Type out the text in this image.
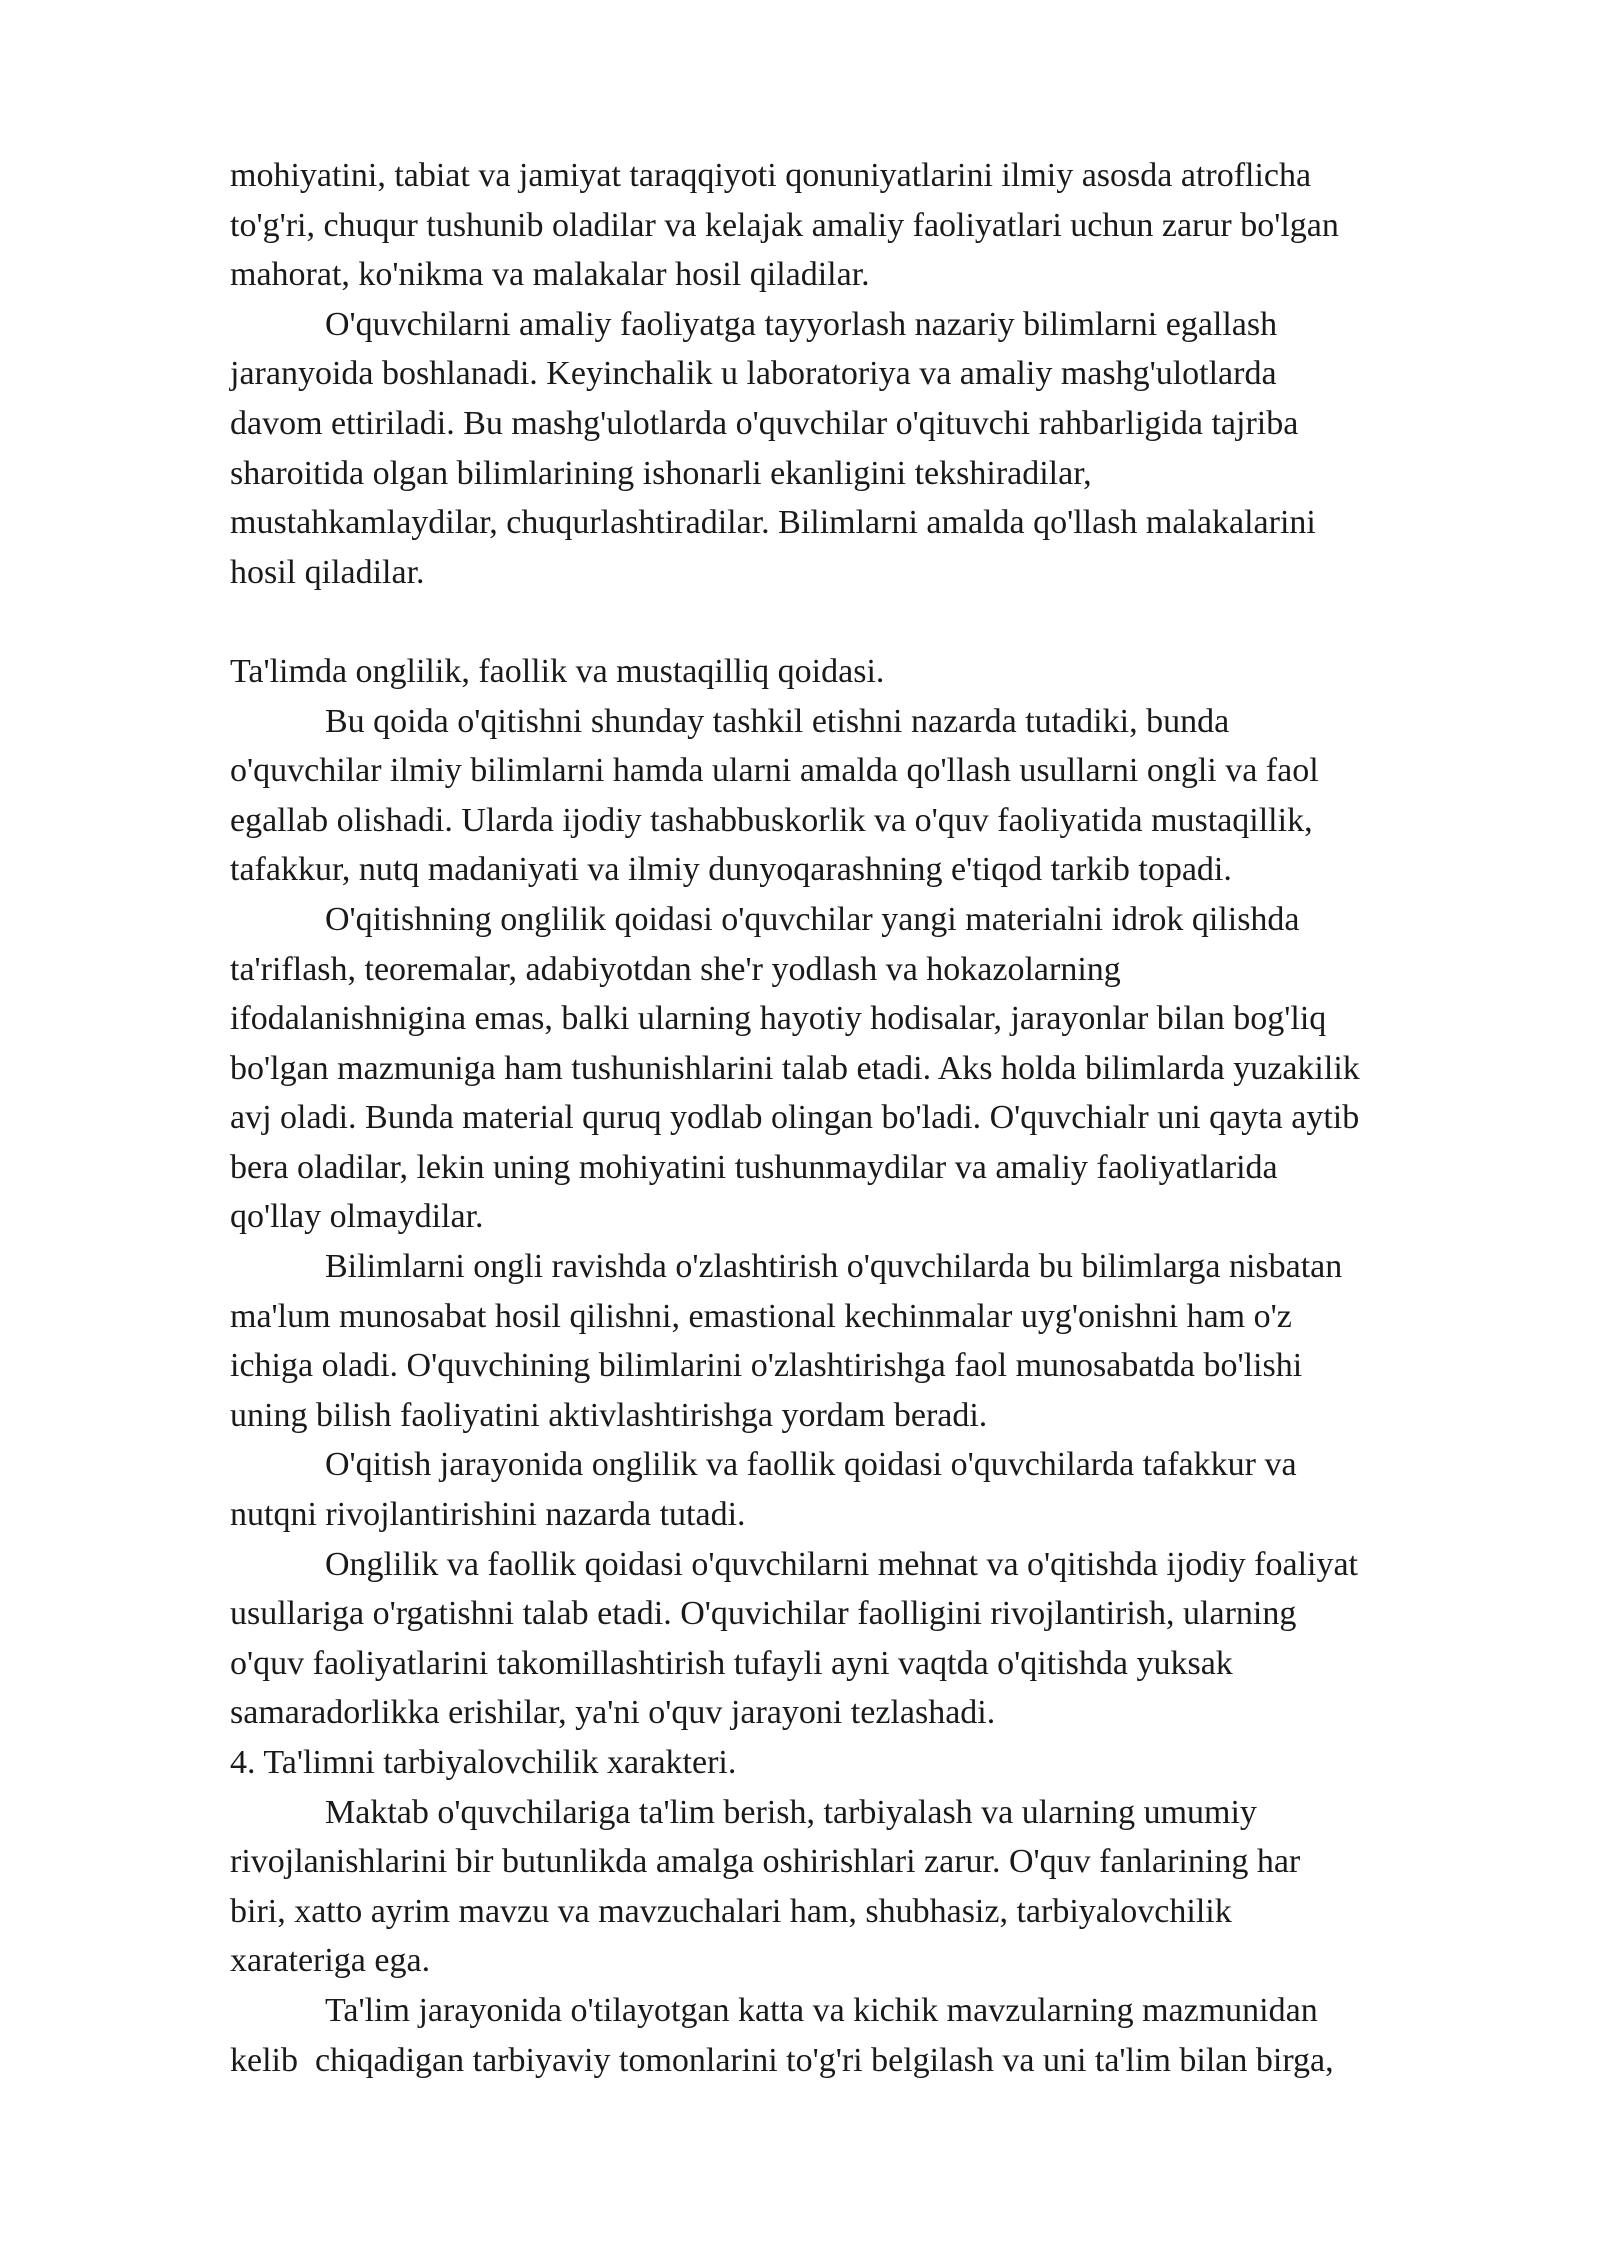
mohiyatini, tabiat va jamiyat taraqqiyoti qonuniyatlarini ilmiy asosda atroflicha
to'g'ri, chuqur tushunib oladilar va kelajak amaliy faoliyatlari uchun zarur bo'lgan
mahorat, ko'nikma va malakalar hosil qiladilar.

O'quvchilarni amaliy faoliyatga tayyorlash nazariy bilimlarni egallash
jaranyoida boshlanadi. Keyinchalik u laboratoriya va amaliy mashg'ulotlarda
davom ettiriladi. Bu mashg'ulotlarda o'quvchilar o'qituvchi rahbarligida tajriba
sharoitida olgan bilimlarining ishonarli ekanligini tekshiradilar,
mustahkamlaydilar, chuqurlashtiradilar. Bilimlarni amalda qo'llash malakalarini
hosil qiladilar.

Ta'limda onglilik, faollik va mustaqilliq qoidasi.

Bu qoida o'qitishni shunday tashkil etishni nazarda tutadiki, bunda
o'quvchilar ilmiy bilimlarni hamda ularni amalda qo'llash usullarni ongli va faol
egallab olishadi. Ularda ijodiy tashabbuskorlik va o'quv faoliyatida mustaqillik,
tafakkur, nutq madaniyati va ilmiy dunyoqarashning e'tiqod tarkib topadi.

O'qitishning onglilik qoidasi o'quvchilar yangi materialni idrok qilishda
ta'riflash, teoremalar, adabiyotdan she'r yodlash va hokazolarning
ifodalanishnigina emas, balki ularning hayotiy hodisalar, jarayonlar bilan bog'liq
bo'lgan mazmuniga ham tushunishlarini talab etadi. Aks holda bilimlarda yuzakilik
avj oladi. Bunda material quruq yodlab olingan bo'ladi. O'quvchialr uni qayta aytib
bera oladilar, lekin uning mohiyatini tushunmaydilar va amaliy faoliyatlarida
qo'llay olmaydilar.

Bilimlarni ongli ravishda o'zlashtirish o'quvchilarda bu bilimlarga nisbatan
ma'lum munosabat hosil qilishni, emastional kechinmalar uyg'onishni ham o'z
ichiga oladi. O'quvchining bilimlarini o'zlashtirishga faol munosabatda bo'lishi
uning bilish faoliyatini aktivlashtirishga yordam beradi.

O'qitish jarayonida onglilik va faollik qoidasi o'quvchilarda tafakkur va
nutqni rivojlantirishini nazarda tutadi.

Onglilik va faollik qoidasi o'quvchilarni mehnat va o'qitishda ijodiy foaliyat
usullariga o'rgatishni talab etadi. O'quvichilar faolligini rivojlantirish, ularning
o'quv faoliyatlarini takomillashtirish tufayli ayni vaqtda o'qitishda yuksak
samaradorlikka erishilar, ya'ni o'quv jarayoni tezlashadi.

4. Ta'limni tarbiyalovchilik xarakteri.

Maktab o'quvchilariga ta'lim berish, tarbiyalash va ularning umumiy
rivojlanishlarini bir butunlikda amalga oshirishlari zarur. O'quv fanlarining har
biri, xatto ayrim mavzu va mavzuchalari ham, shubhasiz, tarbiyalovchilik
xarateriga ega.

Ta'lim jarayonida o'tilayotgan katta va kichik mavzularning mazmunidan
kelib  chiqadigan tarbiyaviy tomonlarini to'g'ri belgilash va uni ta'lim bilan birga,
